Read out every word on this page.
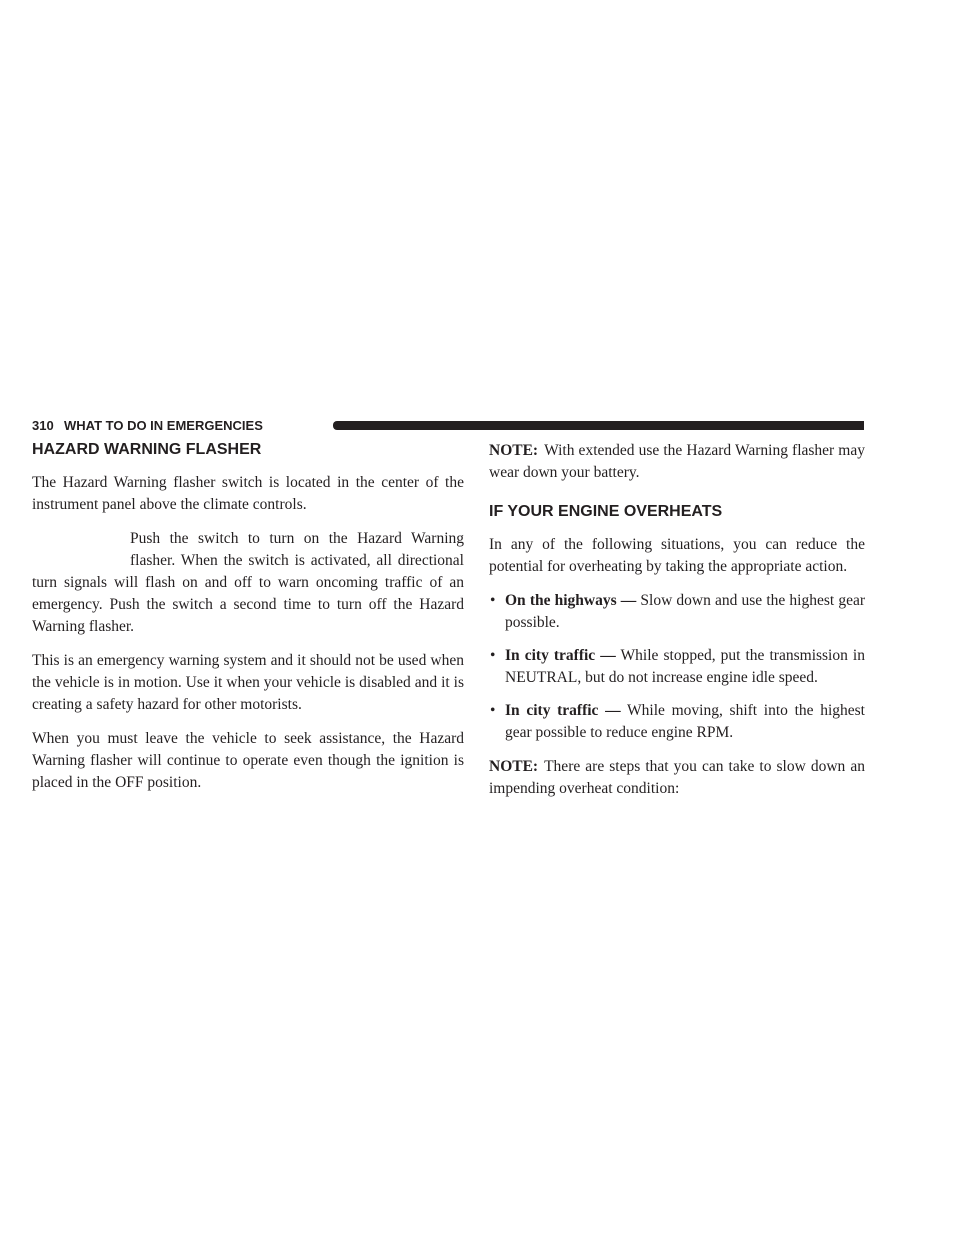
310 WHAT TO DO IN EMERGENCIES
HAZARD WARNING FLASHER

The Hazard Warning flasher switch is located in the center of the instrument panel above the climate controls.

Push the switch to turn on the Hazard Warning flasher. When the switch is activated, all directional turn signals will flash on and off to warn oncoming traffic of an emergency. Push the switch a second time to turn off the Hazard Warning flasher.

This is an emergency warning system and it should not be used when the vehicle is in motion. Use it when your vehicle is disabled and it is creating a safety hazard for other motorists.

When you must leave the vehicle to seek assistance, the Hazard Warning flasher will continue to operate even though the ignition is placed in the OFF position.

NOTE: With extended use the Hazard Warning flasher may wear down your battery.

IF YOUR ENGINE OVERHEATS

In any of the following situations, you can reduce the potential for overheating by taking the appropriate action.

• On the highways — Slow down and use the highest gear possible.
• In city traffic — While stopped, put the transmission in NEUTRAL, but do not increase engine idle speed.
• In city traffic — While moving, shift into the highest gear possible to reduce engine RPM.

NOTE: There are steps that you can take to slow down an impending overheat condition:
